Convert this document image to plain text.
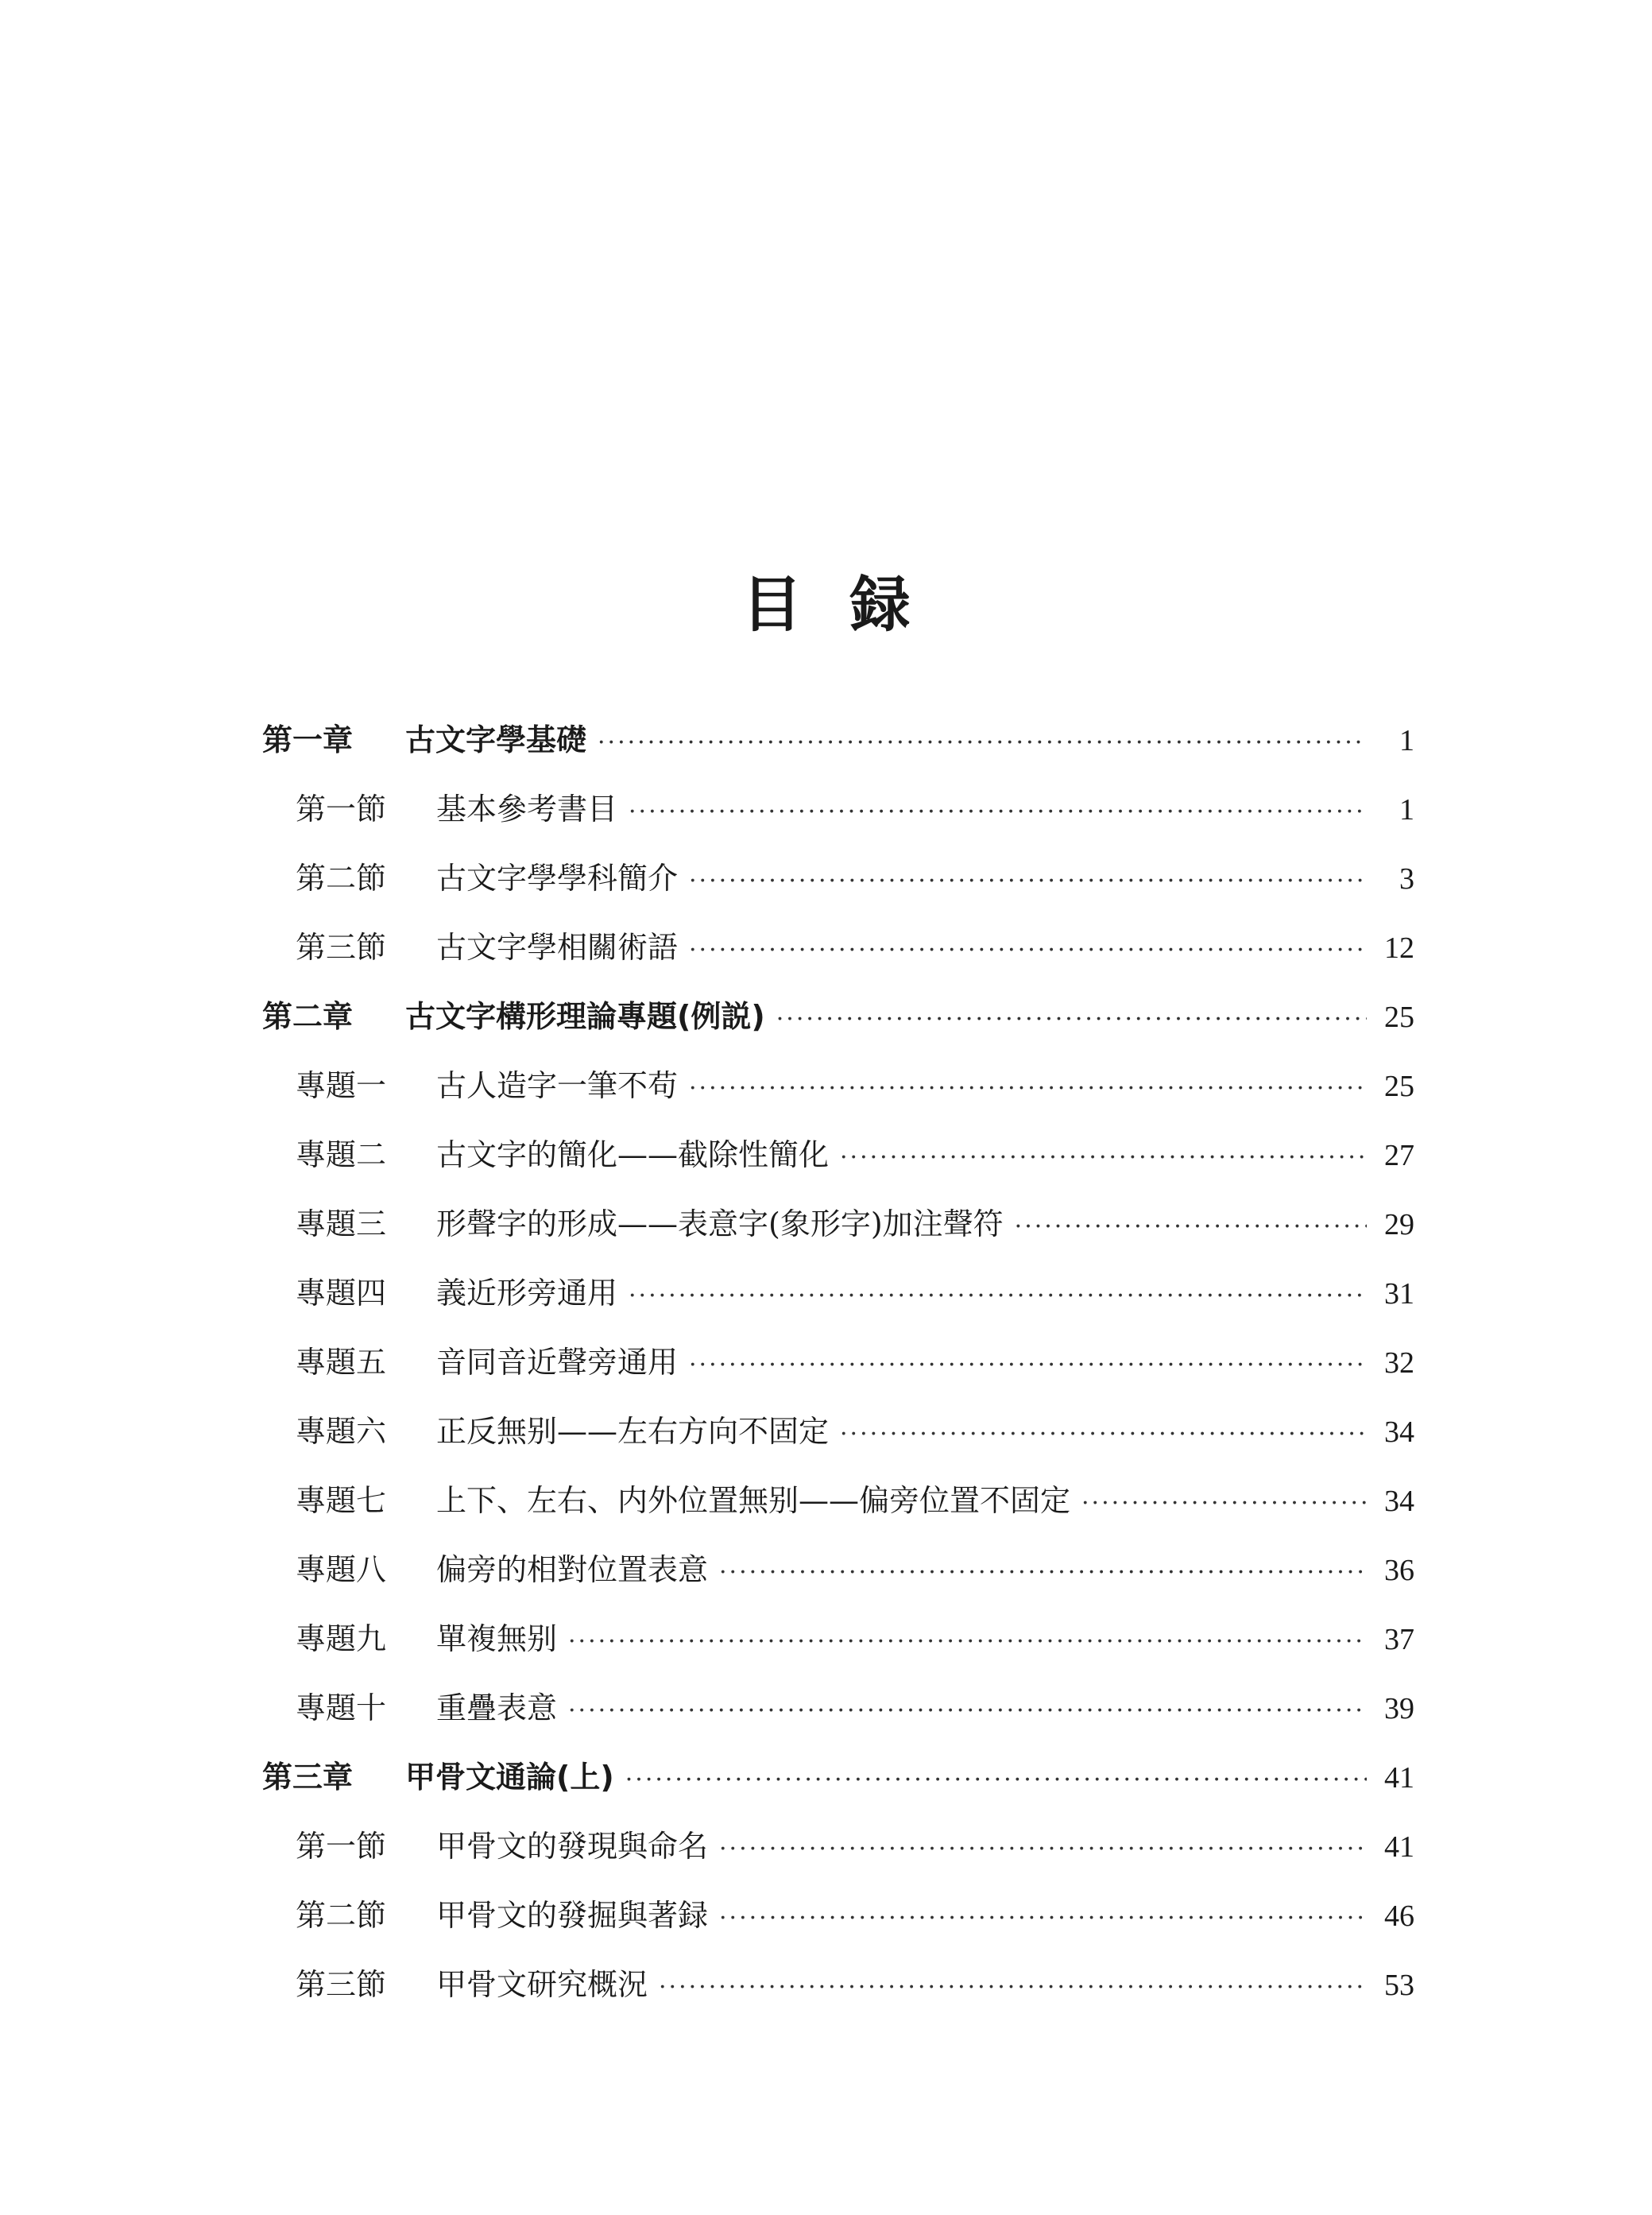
目 録
第一章	古文字學基礎 ·····	1
第一節	基本參考書目 ·····	1
第二節	古文字學學科簡介 ·····	3
第三節	古文字學相關術語 ·····	12
第二章	古文字構形理論專題(例説) ·····	25
專題一	古人造字一筆不苟 ·····	25
專題二	古文字的簡化——截除性簡化 ·····	27
專題三	形聲字的形成——表意字(象形字)加注聲符 ·····	29
專題四	義近形旁通用 ·····	31
專題五	音同音近聲旁通用 ·····	32
專題六	正反無别——左右方向不固定 ·····	34
專題七	上下、左右、内外位置無别——偏旁位置不固定 ·····	34
專題八	偏旁的相對位置表意 ·····	36
專題九	單複無别 ·····	37
專題十	重疊表意 ·····	39
第三章	甲骨文通論(上) ·····	41
第一節	甲骨文的發現與命名 ·····	41
第二節	甲骨文的發掘與著録 ·····	46
第三節	甲骨文研究概況 ·····	53
